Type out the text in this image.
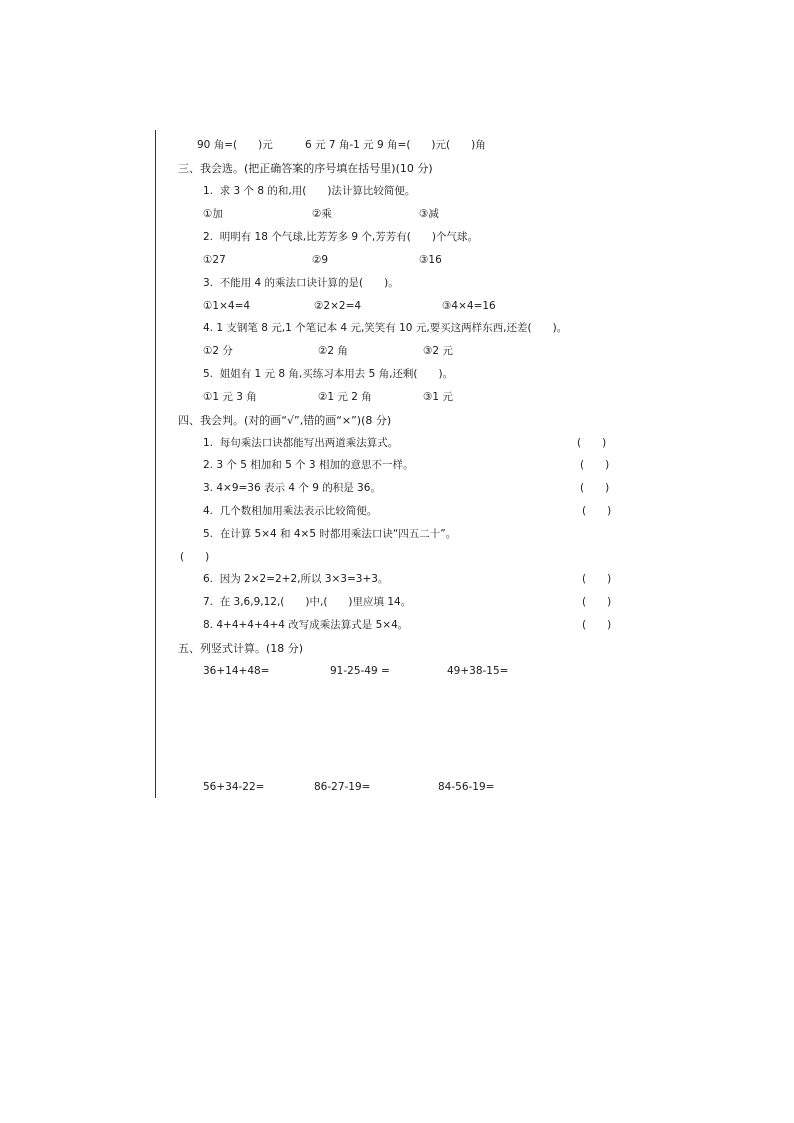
90 角=(　　)元	6 元 7 角-1 元 9 角=(　　)元(　　)角
三、我会选。(把正确答案的序号填在括号里)(10 分)
1.  求 3 个 8 的和,用(　　)法计算比较简便。
①加	②乘	③减
2.  明明有 18 个气球,比芳芳多 9 个,芳芳有(　　)个气球。
①27	②9	③16
3.  不能用 4 的乘法口诀计算的是(　　)。
①1×4=4	②2×2=4	③4×4=16
4. 1 支钢笔 8 元,1 个笔记本 4 元,笑笑有 10 元,要买这两样东西,还差(　　)。
①2 分	②2 角	③2 元
5.  姐姐有 1 元 8 角,买练习本用去 5 角,还剩(　　)。
①1 元 3 角	②1 元 2 角	③1 元
四、我会判。(对的画“√”,错的画“×”)(8 分)
1.  每句乘法口诀都能写出两道乘法算式。	(　　)
2. 3 个 5 相加和 5 个 3 相加的意思不一样。	(　　)
3. 4×9=36 表示 4 个 9 的积是 36。	(　　)
4.  几个数相加用乘法表示比较简便。	(　　)
5.  在计算 5×4 和 4×5 时都用乘法口诀“四五二十”。
(　　)
6.  因为 2×2=2+2,所以 3×3=3+3。	(　　)
7.  在 3,6,9,12,(　　)中,(　　)里应填 14。	(　　)
8. 4+4+4+4+4 改写成乘法算式是 5×4。	(　　)
五、列竖式计算。(18 分)
36+14+48=	91-25-49 =	49+38-15=
56+34-22=	86-27-19=	84-56-19=
